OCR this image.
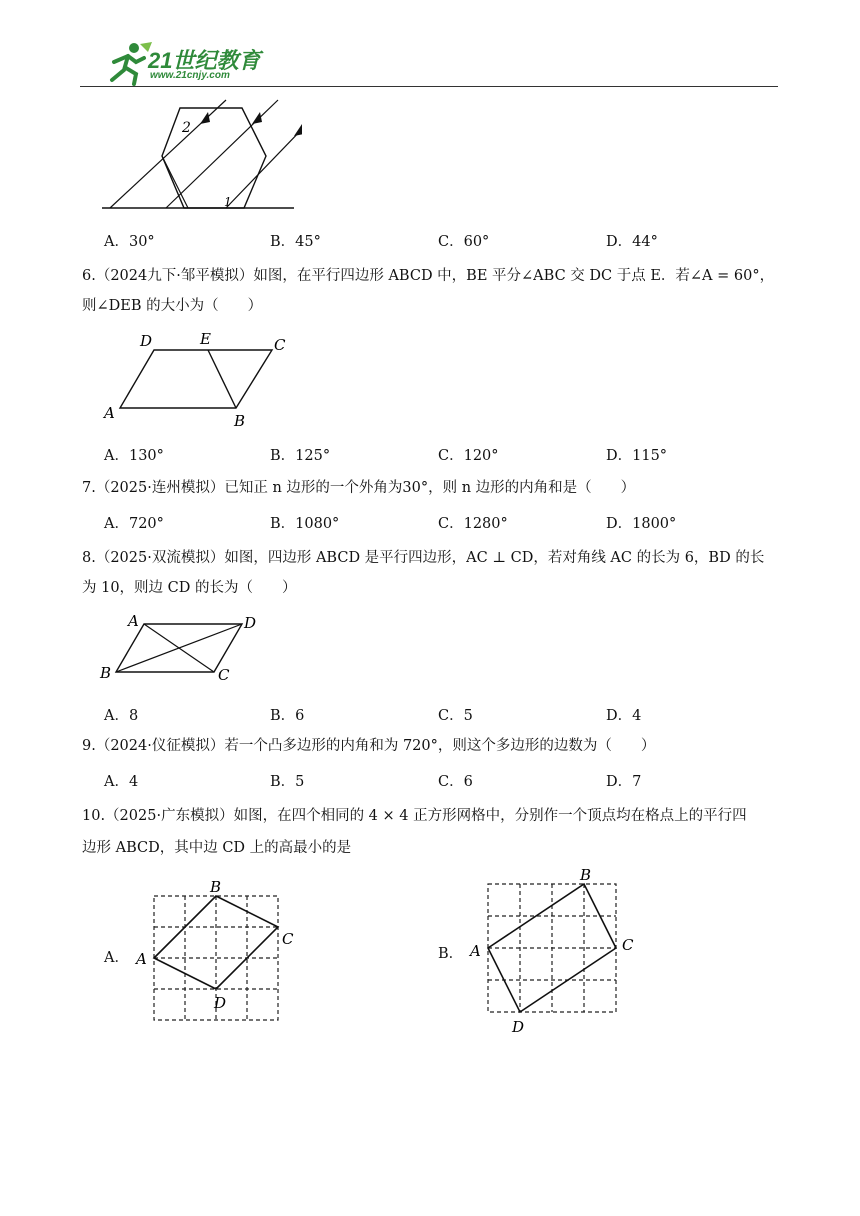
21世纪教育
www.21cnjy.com
2
1
A．30°	B．45°	C．60°	D．44°
6.（2024九下·邹平模拟）如图，在平行四边形 ABCD 中，BE 平分∠ABC 交 DC 于点 E．若∠A = 60°，
则∠DEB 的大小为（　　）
A	B
C
D	E
A．130°	B．125°	C．120°	D．115°
7.（2025·连州模拟）已知正 n 边形的一个外角为30°，则 n 边形的内角和是（　　）
A．720°	B．1080°	C．1280°	D．1800°
8.（2025·双流模拟）如图，四边形 ABCD 是平行四边形，AC ⊥ CD，若对角线 AC 的长为 6，BD 的长
为 10，则边 CD 的长为（　　）
A
B	C
D
A．8	B．6	C．5	D．4
9.（2024·仪征模拟）若一个凸多边形的内角和为 720°，则这个多边形的边数为（　　）
A．4	B．5	C．6	D．7
10.（2025·广东模拟）如图，在四个相同的 4 × 4 正方形网格中，分别作一个顶点均在格点上的平行四
边形 ABCD，其中边 CD 上的高最小的是
A． A
B
C
D
B． A
B
C
D
